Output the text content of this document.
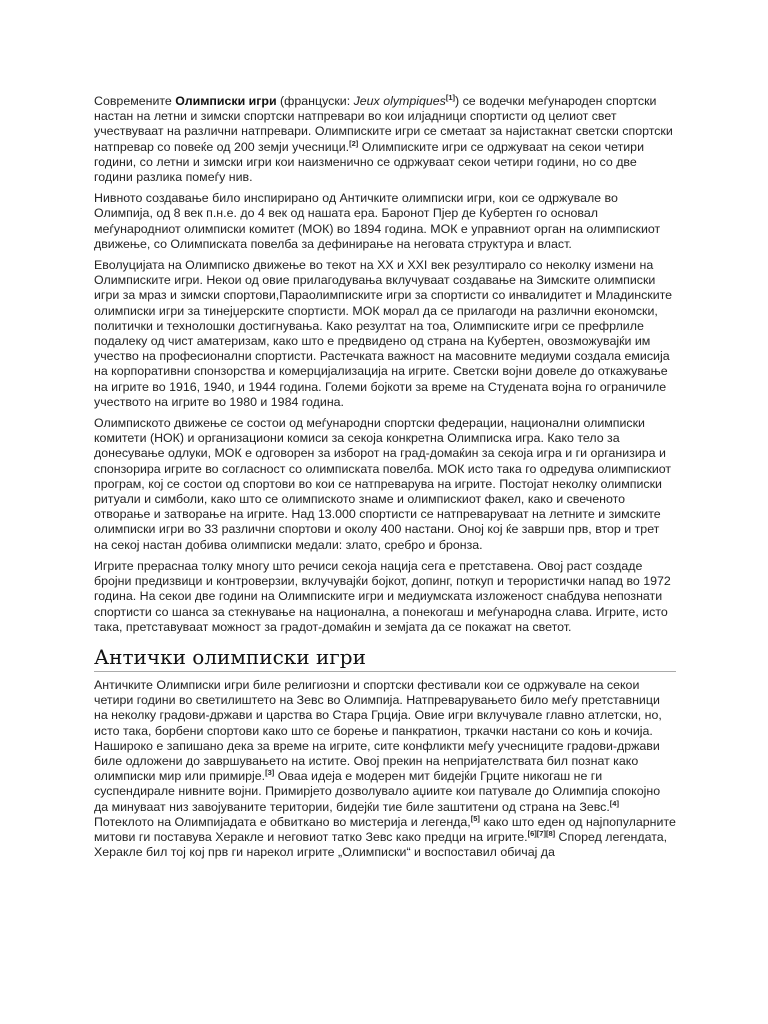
Современите Олимписки игри (француски: Jeux olympiques[1]) се водечки меѓународен спортски настан на летни и зимски спортски натпревари во кои илјадници спортисти од целиот свет учествуваат на различни натпревари. Олимписките игри се сметаат за најистакнат светски спортски натпревар со повеќе од 200 земји учесници.[2] Олимписките игри се одржуваат на секои четири години, со летни и зимски игри кои наизменично се одржуваат секои четири години, но со две години разлика помеѓу нив.

Нивното создавање било инспирирано од Античките олимписки игри, кои се одржувале во Олимпија, од 8 век п.н.е. до 4 век од нашата ера. Баронот Пјер де Кубертен го основал меѓународниот олимписки комитет (МОК) во 1894 година. МОК е управниот орган на олимпискиот движење, со Олимписката повелба за дефинирање на неговата структура и власт.

Еволуцијата на Олимписко движење во текот на XX и XXI век резултирало со неколку измени на Олимписките игри. Некои од овие прилагодувања вклучуваат создавање на Зимските олимписки игри за мраз и зимски спортови,Параолимписките игри за спортисти со инвалидитет и Младинските олимписки игри за тинејџерските спортисти. МОК морал да се прилагоди на различни економски, политички и технолошки достигнувања. Како резултат на тоа, Олимписките игри се префрлиле подалеку од чист аматеризам, како што е предвидено од страна на Кубертен, овозможувајќи им учество на професионални спортисти. Растечката важност на масовните медиуми создала емисија на корпоративни спонзорства и комерцијализација на игрите. Светски војни довеле до откажување на игрите во 1916, 1940, и 1944 година. Големи бојкоти за време на Студената војна го ограничиле учеството на игрите во 1980 и 1984 година.

Олимпиското движење се состои од меѓународни спортски федерации, национални олимписки комитети (НОК) и организациони комиси за секоја конкретна Олимписка игра. Како тело за донесување одлуки, МОК е одговорен за изборот на град-домаќин за секоја игра и ги организира и спонзорира игрите во согласност со олимписката повелба. МОК исто така го одредува олимпискиот програм, кој се состои од спортови во кои се натпреварува на игрите. Постојат неколку олимписки ритуали и симболи, како што се олимпиското знаме и олимпискиот факел, како и свеченото отворање и затворање на игрите. Над 13.000 спортисти се натпреваруваат на летните и зимските олимписки игри во 33 различни спортови и околу 400 настани. Оној кој ќе заврши прв, втор и трет на секој настан добива олимписки медали: злато, сребро и бронза.

Игрите прераснаа толку многу што речиси секоја нација сега е претставена. Овој раст создаде бројни предизвици и контроверзии, вклучувајќи бојкот, допинг, поткуп и терористички напад во 1972 година. На секои две години на Олимписките игри и медиумската изложеност снабдува непознати спортисти со шанса за стекнување на национална, а понекогаш и меѓународна слава. Игрите, исто така, претставуваат можност за градот-домаќин и земјата да се покажат на светот.

Антички олимписки игри

Античките Олимписки игри биле религиозни и спортски фестивали кои се одржувале на секои четири години во светилиштето на Зевс во Олимпија. Натпреварувањето било меѓу претставници на неколку градови-држави и царства во Стара Грција. Овие игри вклучувале главно атлетски, но, исто така, борбени спортови како што се борење и панкратион, тркачки настани со коњ и кочија. Нашироко е запишано дека за време на игрите, сите конфликти меѓу учесниците градови-држави биле одложени до завршувањето на истите. Овој прекин на непријателствата бил познат како олимписки мир или примирје.[3] Оваа идеја е модерен мит бидејќи Грците никогаш не ги суспендирале нивните војни. Примирјето дозволувало аџиите кои патувале до Олимпија спокојно да минуваат низ завојуваните територии, бидејќи тие биле заштитени од страна на Зевс.[4] Потеклото на Олимпијадата е обвиткано во мистерија и легенда,[5] како што еден од најпопуларните митови ги поставува Херакле и неговиот татко Зевс како предци на игрите.[6][7][8] Според легендата, Херакле бил тој кој прв ги нарекол игрите „Олимписки“ и воспоставил обичај да
